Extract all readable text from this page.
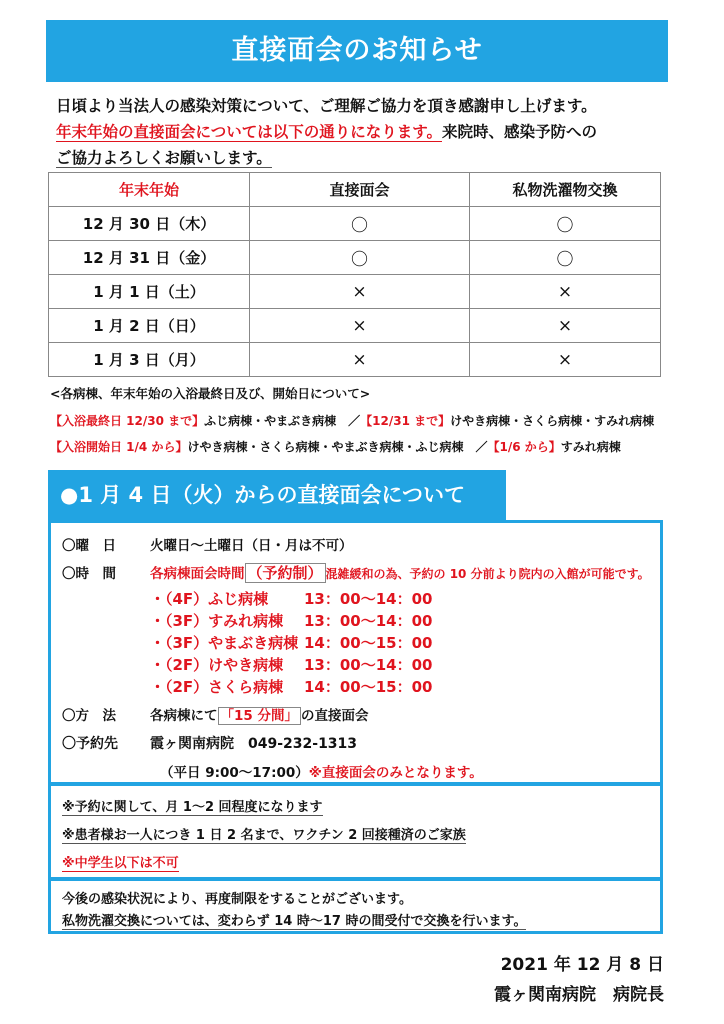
直接面会のお知らせ
日頃より当法人の感染対策について、ご理解ご協力を頂き感謝申し上げます。
年末年始の直接面会については以下の通りになります。来院時、感染予防への
ご協力よろしくお願いします。
年末年始	直接面会	私物洗濯物交換
12 月 30 日（木）	〇	〇
12 月 31 日（金）	〇	〇
1 月 1 日（土）	×	×
1 月 2 日（日）	×	×
1 月 3 日（月）	×	×
<各病棟、年末年始の入浴最終日及び、開始日について>
【入浴最終日 12/30 まで】ふじ病棟・やまぶき病棟　／【12/31 まで】けやき病棟・さくら病棟・すみれ病棟
【入浴開始日 1/4 から】けやき病棟・さくら病棟・やまぶき病棟・ふじ病棟　／【1/6 から】すみれ病棟
●1 月 4 日（火）からの直接面会について
〇曜　日	火曜日～土曜日（日・月は不可）
〇時　間	各病棟面会時間 （予約制） 混雑緩和の為、予約の 10 分前より院内の入館が可能です。
・（4F）ふじ病棟 13：00～14：00
・（3F）すみれ病棟 13：00～14：00
・（3F）やまぶき病棟 14：00～15：00
・（2F）けやき病棟 13：00～14：00
・（2F）さくら病棟 14：00～15：00
〇方　法	各病棟にて 「15 分間」 の直接面会
〇予約先 霞ヶ関南病院　049-232-1313
（平日 9:00～17:00）※直接面会のみとなります。
※予約に関して、月 1～2 回程度になります
※患者様お一人につき 1 日 2 名まで、ワクチン 2 回接種済のご家族
※中学生以下は不可
今後の感染状況により、再度制限をすることがございます。
私物洗濯交換については、変わらず 14 時～17 時の間受付で交換を行います。
2021 年 12 月 8 日
霞ヶ関南病院　病院長
